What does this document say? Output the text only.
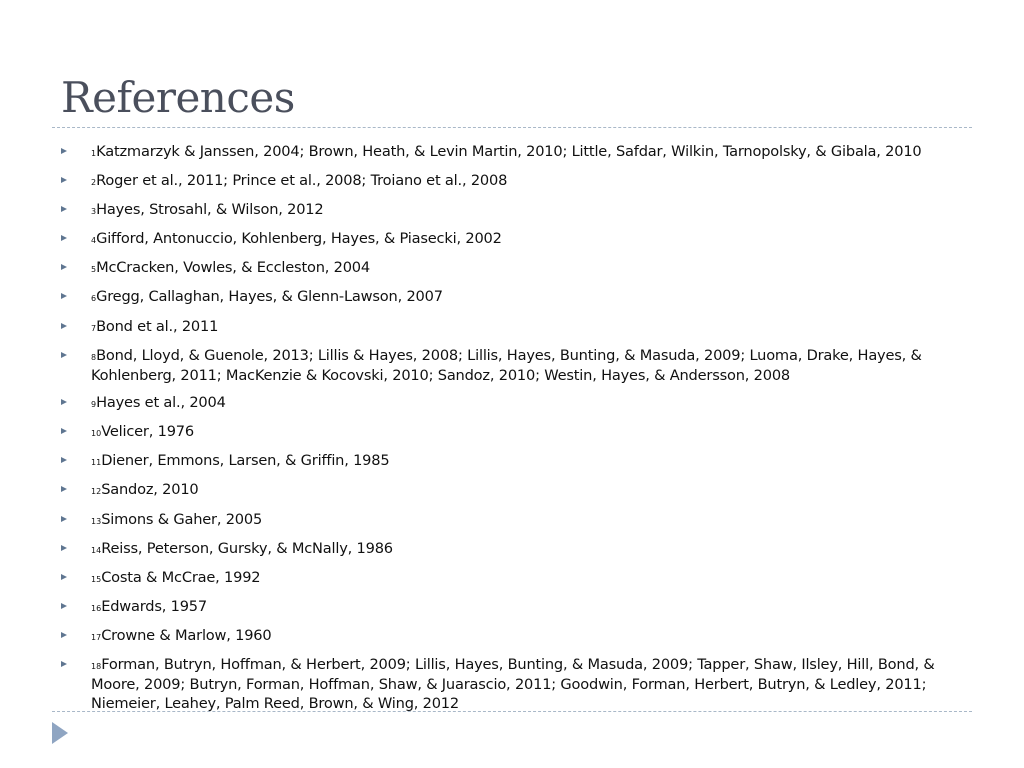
References
1Katzmarzyk & Janssen, 2004; Brown, Heath, & Levin Martin, 2010; Little, Safdar, Wilkin, Tarnopolsky, & Gibala, 2010
2Roger et al., 2011; Prince et al., 2008; Troiano et al., 2008
3Hayes, Strosahl, & Wilson, 2012
4Gifford, Antonuccio, Kohlenberg, Hayes, & Piasecki, 2002
5McCracken, Vowles, & Eccleston, 2004
6Gregg, Callaghan, Hayes, & Glenn-Lawson, 2007
7Bond et al., 2011
8Bond, Lloyd, & Guenole, 2013; Lillis & Hayes, 2008; Lillis, Hayes, Bunting, & Masuda, 2009; Luoma, Drake, Hayes, & Kohlenberg, 2011; MacKenzie & Kocovski, 2010; Sandoz, 2010; Westin, Hayes, & Andersson, 2008
9Hayes et al., 2004
10Velicer, 1976
11Diener, Emmons, Larsen, & Griffin, 1985
12Sandoz, 2010
13Simons & Gaher, 2005
14Reiss, Peterson, Gursky, & McNally, 1986
15Costa & McCrae, 1992
16Edwards, 1957
17Crowne & Marlow, 1960
18Forman, Butryn, Hoffman, & Herbert, 2009; Lillis, Hayes, Bunting, & Masuda, 2009; Tapper, Shaw, Ilsley, Hill, Bond, & Moore, 2009; Butryn, Forman, Hoffman, Shaw, & Juarascio, 2011; Goodwin, Forman, Herbert, Butryn, & Ledley, 2011; Niemeier, Leahey, Palm Reed, Brown, & Wing, 2012
